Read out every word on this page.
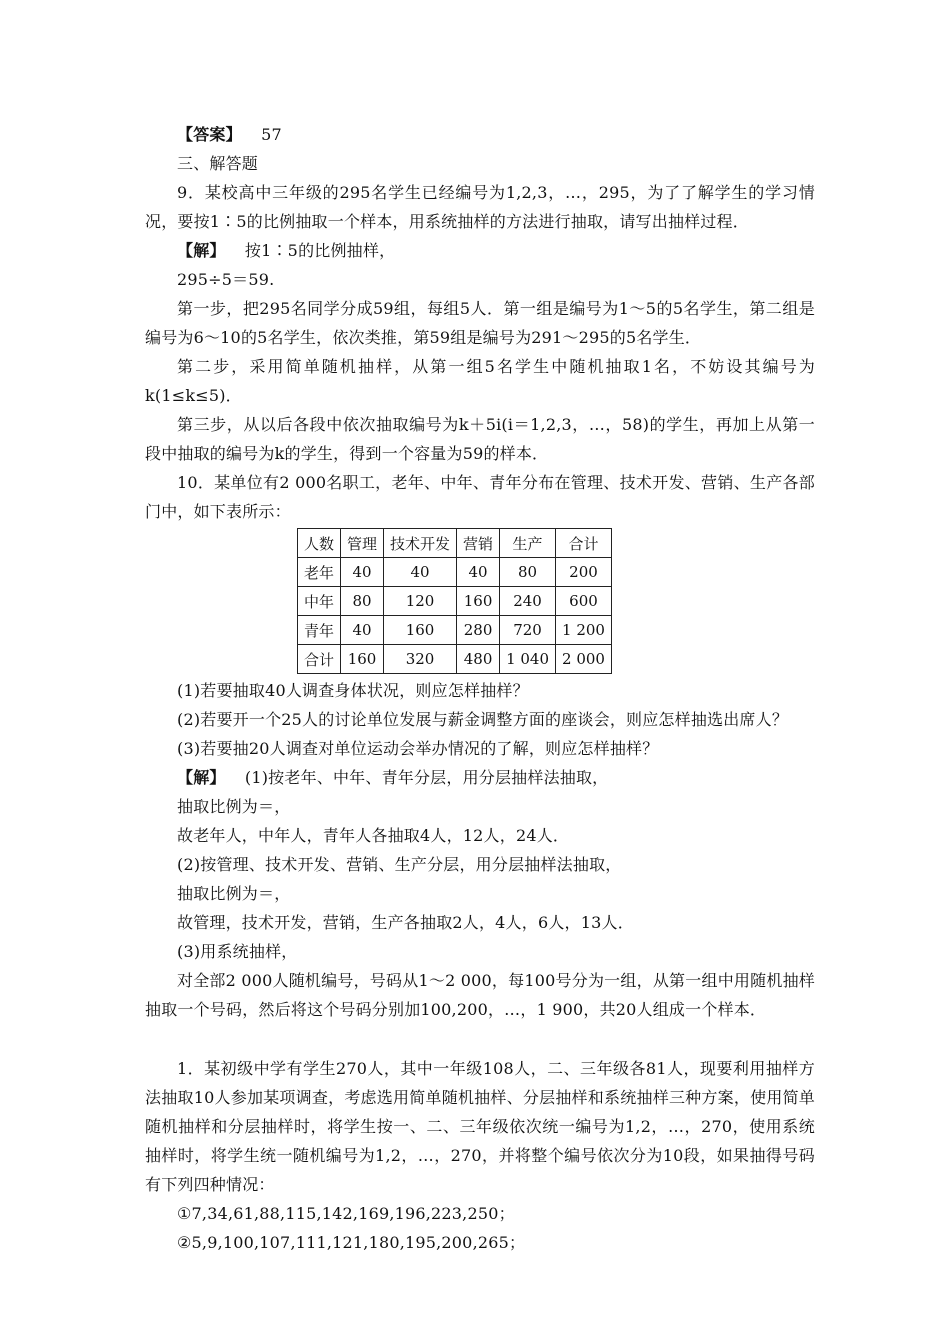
【答案】 57
三、解答题
9．某校高中三年级的295名学生已经编号为1,2,3，…，295，为了了解学生的学习情况，要按1∶5的比例抽取一个样本，用系统抽样的方法进行抽取，请写出抽样过程．
【解】 按1∶5的比例抽样，
295÷5＝59.
第一步，把295名同学分成59组，每组5人．第一组是编号为1～5的5名学生，第二组是编号为6～10的5名学生，依次类推，第59组是编号为291～295的5名学生．
第二步，采用简单随机抽样，从第一组5名学生中随机抽取1名，不妨设其编号为k(1≤k≤5)．
第三步，从以后各段中依次抽取编号为k＋5i(i＝1,2,3，…，58)的学生，再加上从第一段中抽取的编号为k的学生，得到一个容量为59的样本．
10．某单位有2 000名职工，老年、中年、青年分布在管理、技术开发、营销、生产各部门中，如下表所示：
人数	管理	技术开发	营销	生产	合计
老年	40	40	40	80	200
中年	80	120	160	240	600
青年	40	160	280	720	1 200
合计	160	320	480	1 040	2 000
(1)若要抽取40人调查身体状况，则应怎样抽样？
(2)若要开一个25人的讨论单位发展与薪金调整方面的座谈会，则应怎样抽选出席人？
(3)若要抽20人调查对单位运动会举办情况的了解，则应怎样抽样？
【解】 (1)按老年、中年、青年分层，用分层抽样法抽取，
抽取比例为＝，
故老年人，中年人，青年人各抽取4人，12人，24人．
(2)按管理、技术开发、营销、生产分层，用分层抽样法抽取，
抽取比例为＝，
故管理，技术开发，营销，生产各抽取2人，4人，6人，13人．
(3)用系统抽样，
对全部2 000人随机编号，号码从1～2 000，每100号分为一组，从第一组中用随机抽样抽取一个号码，然后将这个号码分别加100,200，…，1 900，共20人组成一个样本．
1．某初级中学有学生270人，其中一年级108人，二、三年级各81人，现要利用抽样方法抽取10人参加某项调查，考虑选用简单随机抽样、分层抽样和系统抽样三种方案，使用简单随机抽样和分层抽样时，将学生按一、二、三年级依次统一编号为1,2，…，270，使用系统抽样时，将学生统一随机编号为1,2，…，270，并将整个编号依次分为10段，如果抽得号码有下列四种情况：
①7,34,61,88,115,142,169,196,223,250；
②5,9,100,107,111,121,180,195,200,265；
